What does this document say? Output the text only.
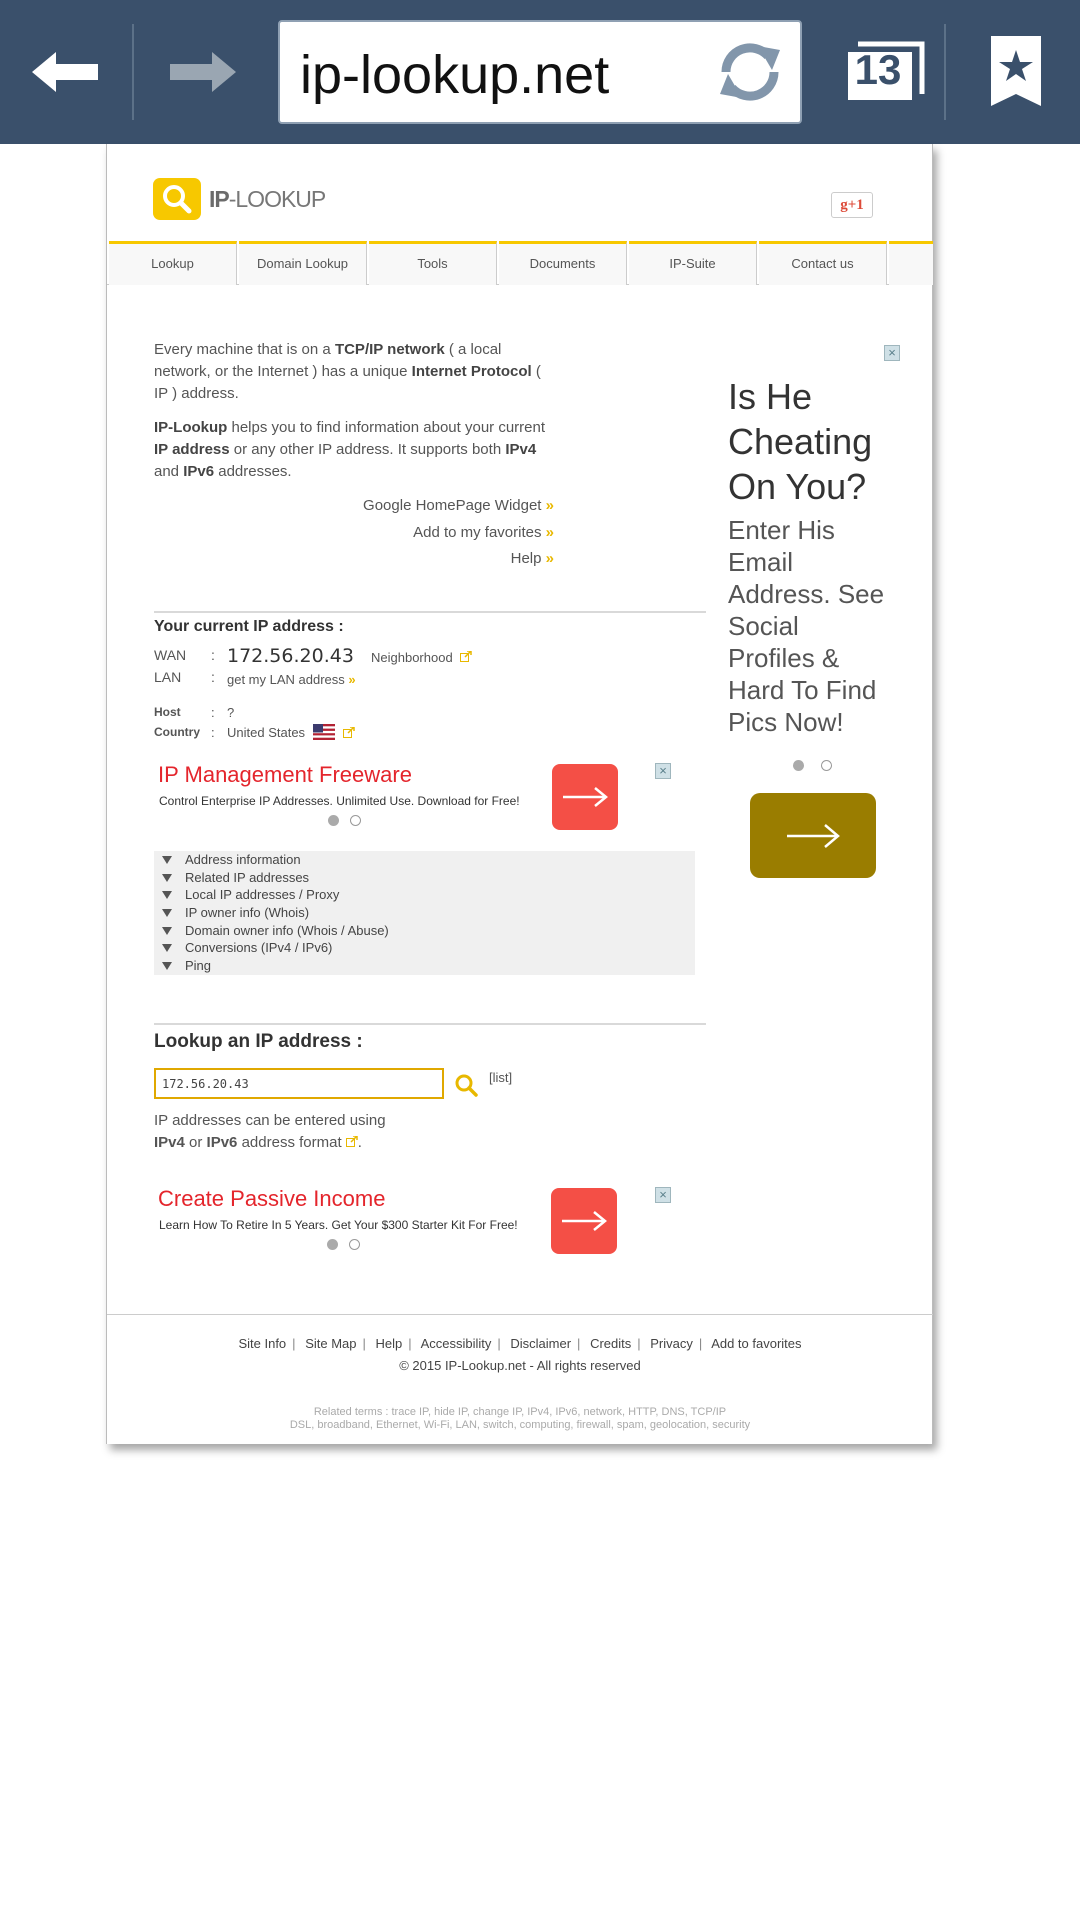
ip-lookup.net	13
IP-LOOKUP	g+1
Lookup	Domain Lookup	Tools	Documents	IP-Suite	Contact us

Every machine that is on a TCP/IP network ( a local network, or the Internet ) has a unique Internet Protocol ( IP ) address.

IP-Lookup helps you to find information about your current IP address or any other IP address. It supports both IPv4 and IPv6 addresses.

Google HomePage Widget »
Add to my favorites »
Help »
Your current IP address :
WAN : 172.56.20.43 Neighborhood
LAN : get my LAN address »
Host : ?
Country : United States
IP Management Freeware
Control Enterprise IP Addresses. Unlimited Use. Download for Free!
×
Address information
Related IP addresses
Local IP addresses / Proxy
IP owner info (Whois)
Domain owner info (Whois / Abuse)
Conversions (IPv4 / IPv6)
Ping
Lookup an IP address :
172.56.20.43	[list]
IP addresses can be entered using
IPv4 or IPv6 address format .
Create Passive Income
Learn How To Retire In 5 Years. Get Your $300 Starter Kit For Free!
×
×
Is He
Cheating
On You?
Enter His
Email
Address. See
Social
Profiles &
Hard To Find
Pics Now!
Site Info | Site Map | Help | Accessibility | Disclaimer | Credits | Privacy | Add to favorites
© 2015 IP-Lookup.net - All rights reserved
Related terms : trace IP, hide IP, change IP, IPv4, IPv6, network, HTTP, DNS, TCP/IP
DSL, broadband, Ethernet, Wi-Fi, LAN, switch, computing, firewall, spam, geolocation, security
